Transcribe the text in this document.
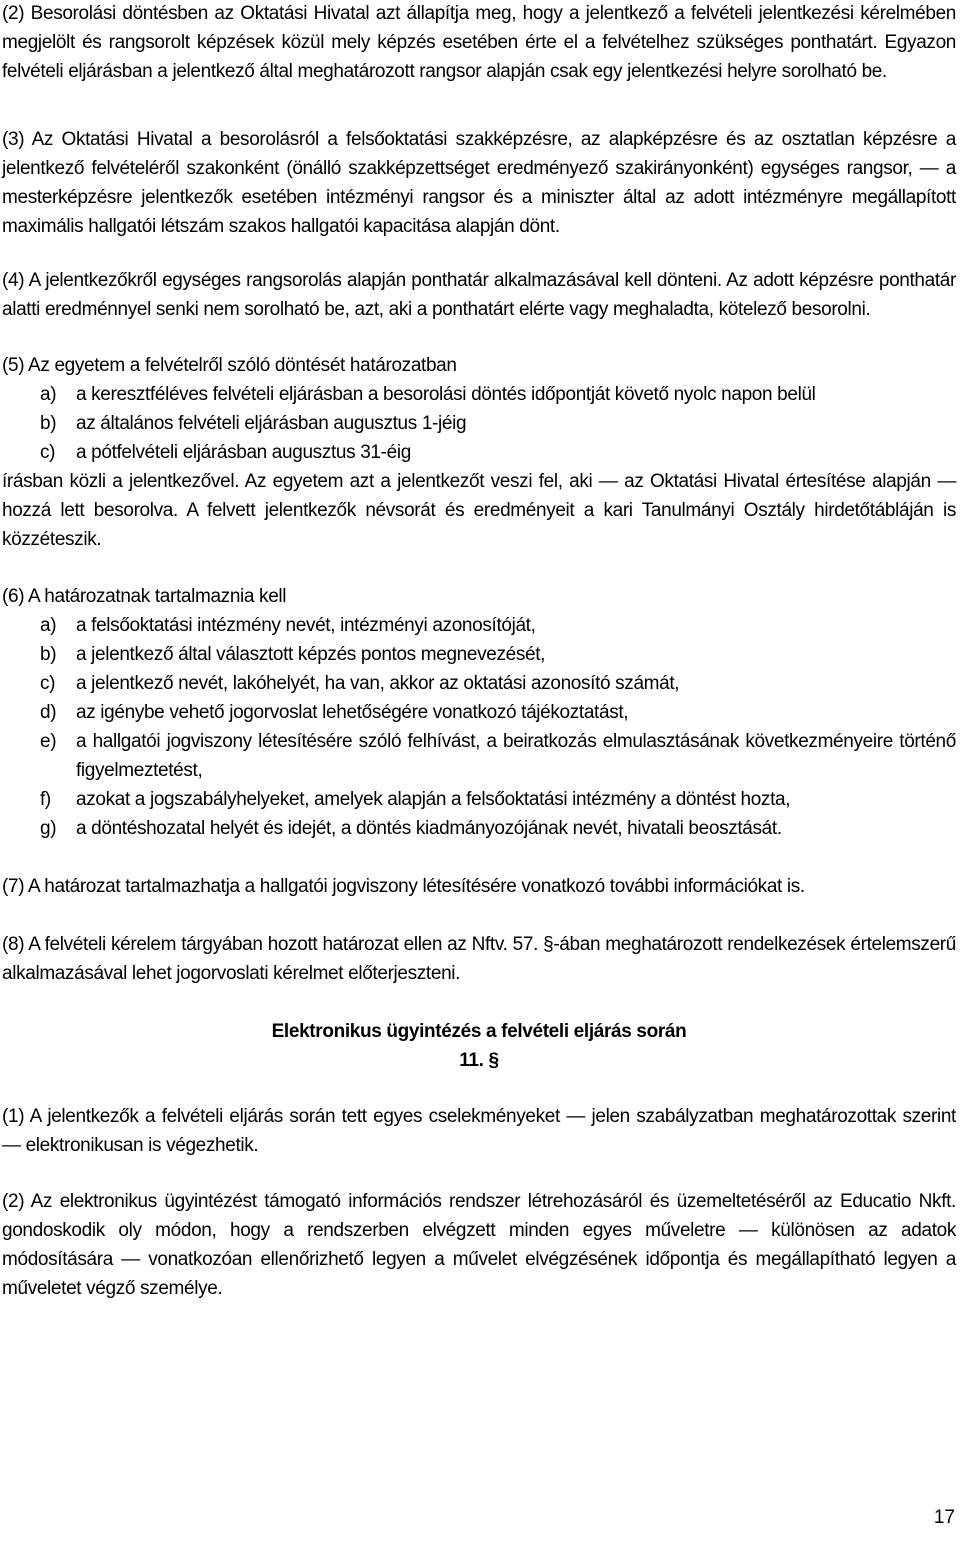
(2) Besorolási döntésben az Oktatási Hivatal azt állapítja meg, hogy a jelentkező a felvételi jelentkezési kérelmében megjelölt és rangsorolt képzések közül mely képzés esetében érte el a felvételhez szükséges ponthatárt. Egyazon felvételi eljárásban a jelentkező által meghatározott rangsor alapján csak egy jelentkezési helyre sorolható be.

(3) Az Oktatási Hivatal a besorolásról a felsőoktatási szakképzésre, az alapképzésre és az osztatlan képzésre a jelentkező felvételéről szakonként (önálló szakképzettséget eredményező szakirányonként) egységes rangsor, — a mesterképzésre jelentkezők esetében intézményi rangsor és a miniszter által az adott intézményre megállapított maximális hallgatói létszám szakos hallgatói kapacitása alapján dönt.

(4) A jelentkezőkről egységes rangsorolás alapján ponthatár alkalmazásával kell dönteni. Az adott képzésre ponthatár alatti eredménnyel senki nem sorolható be, azt, aki a ponthatárt elérte vagy meghaladta, kötelező besorolni.

(5) Az egyetem a felvételről szóló döntését határozatban

a)	a keresztféléves felvételi eljárásban a besorolási döntés időpontját követő nyolc napon belül
b)	az általános felvételi eljárásban augusztus 1-jéig
c)	a pótfelvételi eljárásban augusztus 31-éig

írásban közli a jelentkezővel. Az egyetem azt a jelentkezőt veszi fel, aki — az Oktatási Hivatal értesítése alapján — hozzá lett besorolva. A felvett jelentkezők névsorát és eredményeit a kari Tanulmányi Osztály hirdetőtábláján is közzéteszik.

(6) A határozatnak tartalmaznia kell

a)	a felsőoktatási intézmény nevét, intézményi azonosítóját,
b)	a jelentkező által választott képzés pontos megnevezését,
c)	a jelentkező nevét, lakóhelyét, ha van, akkor az oktatási azonosító számát,
d)	az igénybe vehető jogorvoslat lehetőségére vonatkozó tájékoztatást,
e)	a hallgatói jogviszony létesítésére szóló felhívást, a beiratkozás elmulasztásának következményeire történő figyelmeztetést,
f)	azokat a jogszabályhelyeket, amelyek alapján a felsőoktatási intézmény a döntést hozta,
g)	a döntéshozatal helyét és idejét, a döntés kiadmányozójának nevét, hivatali beosztását.

(7) A határozat tartalmazhatja a hallgatói jogviszony létesítésére vonatkozó további információkat is.

(8) A felvételi kérelem tárgyában hozott határozat ellen az Nftv. 57. §-ában meghatározott rendelkezések értelemszerű alkalmazásával lehet jogorvoslati kérelmet előterjeszteni.

Elektronikus ügyintézés a felvételi eljárás során
11. §

(1) A jelentkezők a felvételi eljárás során tett egyes cselekményeket — jelen szabályzatban meghatározottak szerint — elektronikusan is végezhetik.

(2) Az elektronikus ügyintézést támogató információs rendszer létrehozásáról és üzemeltetéséről az Educatio Nkft. gondoskodik oly módon, hogy a rendszerben elvégzett minden egyes műveletre — különösen az adatok módosítására — vonatkozóan ellenőrizhető legyen a művelet elvégzésének időpontja és megállapítható legyen a műveletet végző személye.

17
